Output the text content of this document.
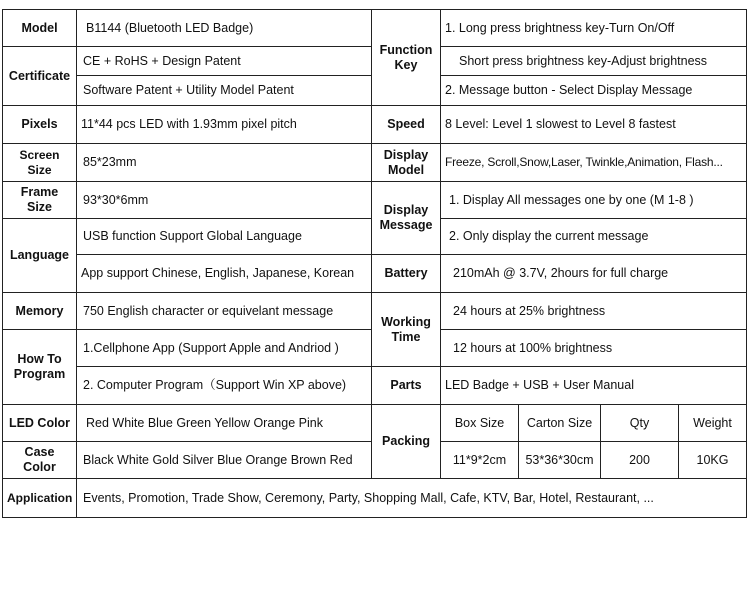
Model	B1144 (Bluetooth LED Badge)	Function Key	1. Long press brightness key-Turn On/Off			
Certificate	CE + RoHS + Design Patent		Short press brightness key-Adjust brightness			
	Software Patent + Utility Model Patent		2. Message button - Select Display Message			
Pixels	11*44 pcs LED with 1.93mm pixel pitch	Speed	8 Level: Level 1 slowest to Level 8 fastest			
Screen Size	85*23mm	Display Model	Freeze, Scroll,Snow,Laser, Twinkle,Animation, Flash...			
Frame Size	93*30*6mm	Display Message	1. Display All messages one by one (M 1-8 )			
Language	USB function Support Global Language		2. Only display the current message			
	App support Chinese, English, Japanese, Korean	Battery	210mAh @ 3.7V, 2hours for full charge			
Memory	750 English character or equivelant message	Working Time	24 hours at 25% brightness			
How To Program	1.Cellphone App (Support Apple and Andriod )		12 hours at 100% brightness			
	2. Computer Program（Support Win XP above)	Parts	LED Badge + USB + User Manual			
LED Color	Red White Blue Green Yellow Orange Pink	Packing	Box Size	Carton Size	Qty	Weight
Case Color	Black White Gold Silver Blue Orange Brown Red		11*9*2cm	53*36*30cm	200	10KG
Application	Events, Promotion, Trade Show, Ceremony, Party, Shopping Mall, Cafe, KTV, Bar, Hotel, Restaurant, ...					
